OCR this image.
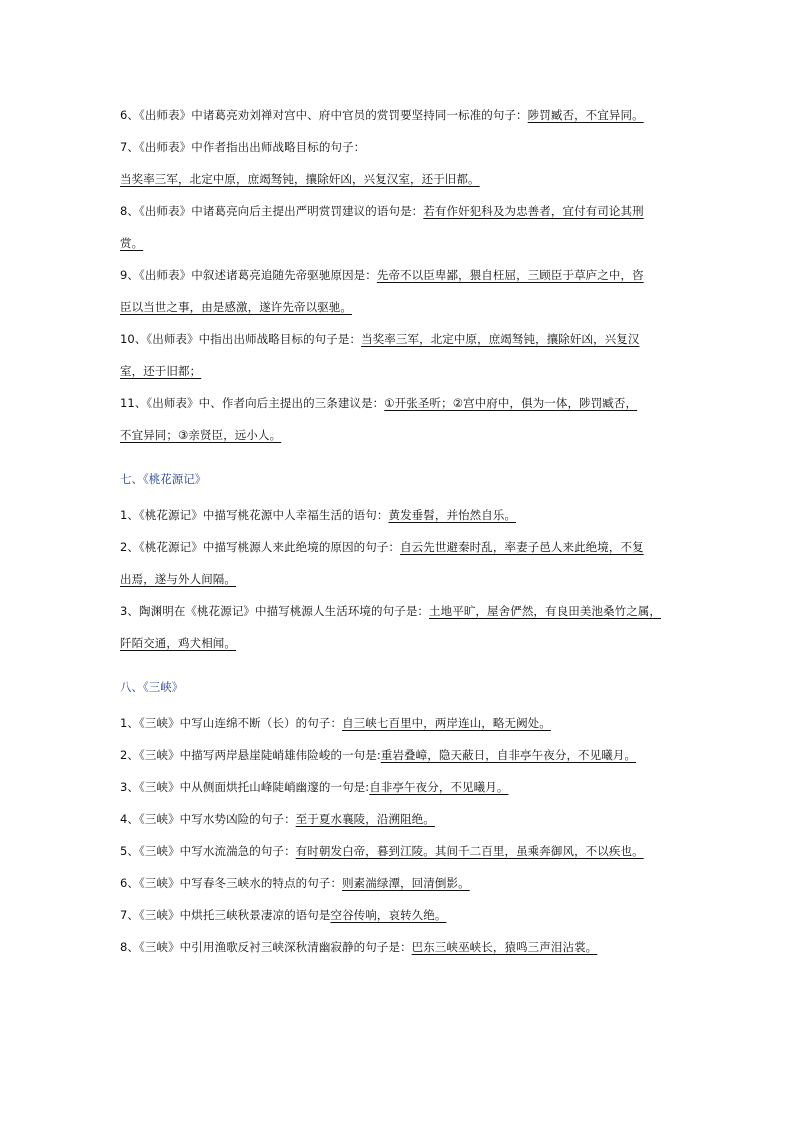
6、《出师表》中诸葛亮劝刘禅对宫中、府中官员的赏罚要坚持同一标准的句子：陟罚臧否，不宜异同。
7、《出师表》中作者指出出师战略目标的句子：
当奖率三军，北定中原，庶竭驽钝，攘除奸凶，兴复汉室，还于旧都。
8、《出师表》中诸葛亮向后主提出严明赏罚建议的语句是：若有作奸犯科及为忠善者，宜付有司论其刑
赏。
9、《出师表》中叙述诸葛亮追随先帝驱驰原因是：先帝不以臣卑鄙，猥自枉屈，三顾臣于草庐之中，咨
臣以当世之事，由是感激，遂许先帝以驱驰。
10、《出师表》中指出出师战略目标的句子是：当奖率三军，北定中原，庶竭驽钝，攘除奸凶，兴复汉
室，还于旧都；
11、《出师表》中、作者向后主提出的三条建议是：①开张圣听；②宫中府中，俱为一体，陟罚臧否，
不宜异同；③亲贤臣，远小人。
七、《桃花源记》
1、《桃花源记》中描写桃花源中人幸福生活的语句：黄发垂髫，并怡然自乐。
2、《桃花源记》中描写桃源人来此绝境的原因的句子：自云先世避秦时乱，率妻子邑人来此绝境，不复
出焉，遂与外人间隔。
3、陶渊明在《桃花源记》中描写桃源人生活环境的句子是：土地平旷，屋舍俨然，有良田美池桑竹之属，
阡陌交通，鸡犬相闻。
八、《三峡》
1、《三峡》中写山连绵不断（长）的句子：自三峡七百里中，两岸连山，略无阙处。
2、《三峡》中描写两岸悬崖陡峭雄伟险峻的一句是:重岩叠嶂，隐天蔽日，自非亭午夜分，不见曦月。
3、《三峡》中从侧面烘托山峰陡峭幽邃的一句是:自非亭午夜分，不见曦月。
4、《三峡》中写水势凶险的句子：至于夏水襄陵，沿溯阻绝。
5、《三峡》中写水流湍急的句子：有时朝发白帝，暮到江陵。其间千二百里，虽乘奔御风，不以疾也。
6、《三峡》中写春冬三峡水的特点的句子：则素湍绿潭，回清倒影。
7、《三峡》中烘托三峡秋景凄凉的语句是空谷传响，哀转久绝。
8、《三峡》中引用渔歌反衬三峡深秋清幽寂静的句子是：巴东三峡巫峡长，猿鸣三声泪沾裳。
